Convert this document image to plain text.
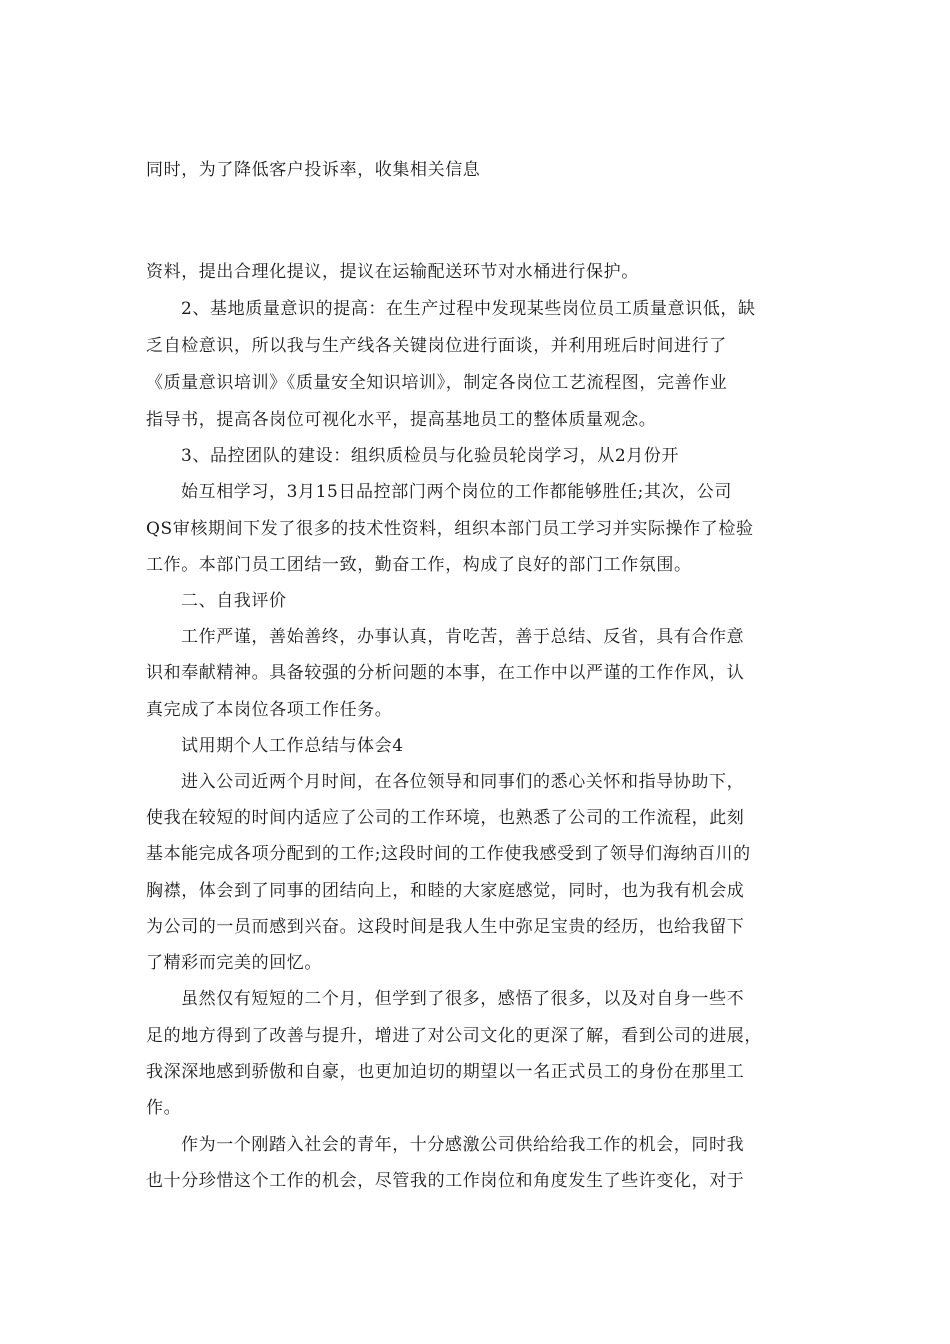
同时，为了降低客户投诉率，收集相关信息
资料，提出合理化提议，提议在运输配送环节对水桶进行保护。
2、基地质量意识的提高：在生产过程中发现某些岗位员工质量意识低，缺
乏自检意识，所以我与生产线各关键岗位进行面谈，并利用班后时间进行了
《质量意识培训》《质量安全知识培训》，制定各岗位工艺流程图，完善作业
指导书，提高各岗位可视化水平，提高基地员工的整体质量观念。
3、品控团队的建设：组织质检员与化验员轮岗学习，从2月份开
始互相学习，3月15日品控部门两个岗位的工作都能够胜任;其次，公司
QS审核期间下发了很多的技术性资料，组织本部门员工学习并实际操作了检验
工作。本部门员工团结一致，勤奋工作，构成了良好的部门工作氛围。
二、自我评价
工作严谨，善始善终，办事认真，肯吃苦，善于总结、反省，具有合作意
识和奉献精神。具备较强的分析问题的本事，在工作中以严谨的工作作风，认
真完成了本岗位各项工作任务。
试用期个人工作总结与体会4
进入公司近两个月时间，在各位领导和同事们的悉心关怀和指导协助下，
使我在较短的时间内适应了公司的工作环境，也熟悉了公司的工作流程，此刻
基本能完成各项分配到的工作;这段时间的工作使我感受到了领导们海纳百川的
胸襟，体会到了同事的团结向上，和睦的大家庭感觉，同时，也为我有机会成
为公司的一员而感到兴奋。这段时间是我人生中弥足宝贵的经历，也给我留下
了精彩而完美的回忆。
虽然仅有短短的二个月，但学到了很多，感悟了很多，以及对自身一些不
足的地方得到了改善与提升，增进了对公司文化的更深了解，看到公司的进展，
我深深地感到骄傲和自豪，也更加迫切的期望以一名正式员工的身份在那里工
作。
作为一个刚踏入社会的青年，十分感激公司供给给我工作的机会，同时我
也十分珍惜这个工作的机会，尽管我的工作岗位和角度发生了些许变化，对于
